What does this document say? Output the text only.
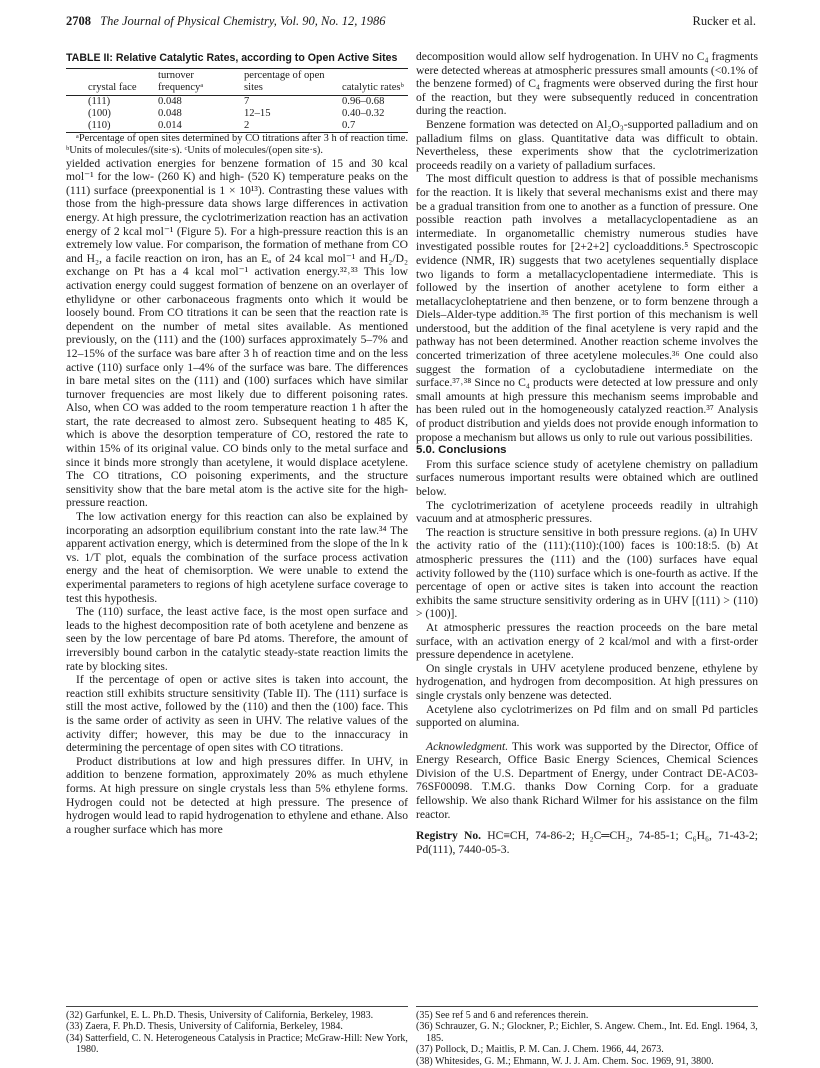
2708 The Journal of Physical Chemistry, Vol. 90, No. 12, 1986	Rucker et al.
TABLE II: Relative Catalytic Rates, according to Open Active Sites
crystal face	turnover frequencyᵃ	percentage of open sites	catalytic ratesᵇ
(111)	0.048	7	0.96–0.68
(100)	0.048	12–15	0.40–0.32
(110)	0.014	2	0.7

ᵃPercentage of open sites determined by CO titrations after 3 h of reaction time. ᵇUnits of molecules/(site·s). ᶜUnits of molecules/(open site·s).

yielded activation energies for benzene formation of 15 and 30 kcal mol⁻¹ for the low- (260 K) and high- (520 K) temperature peaks on the (111) surface (preexponential is 1 × 10¹³). Contrasting these values with those from the high-pressure data shows large differences in activation energy. At high pressure, the cyclotrimerization reaction has an activation energy of 2 kcal mol⁻¹ (Figure 5). For a high-pressure reaction this is an extremely low value. For comparison, the formation of methane from CO and H₂, a facile reaction on iron, has an Eₐ of 24 kcal mol⁻¹ and H₂/D₂ exchange on Pt has a 4 kcal mol⁻¹ activation energy.³²˒³³ This low activation energy could suggest formation of benzene on an overlayer of ethylidyne or other carbonaceous fragments onto which it would be loosely bound. From CO titrations it can be seen that the reaction rate is dependent on the number of metal sites available. As mentioned previously, on the (111) and the (100) surfaces approximately 5–7% and 12–15% of the surface was bare after 3 h of reaction time and on the less active (110) surface only 1–4% of the surface was bare. The differences in bare metal sites on the (111) and (100) surfaces which have similar turnover frequencies are most likely due to different poisoning rates. Also, when CO was added to the room temperature reaction 1 h after the start, the rate decreased to almost zero. Subsequent heating to 485 K, which is above the desorption temperature of CO, restored the rate to within 15% of its original value. CO binds only to the metal surface and since it binds more strongly than acetylene, it would displace acetylene. The CO titrations, CO poisoning experiments, and the structure sensitivity show that the bare metal atom is the active site for the high-pressure reaction.

The low activation energy for this reaction can also be explained by incorporating an adsorption equilibrium constant into the rate law.³⁴ The apparent activation energy, which is determined from the slope of the ln k vs. 1/T plot, equals the combination of the surface process activation energy and the heat of chemisorption. We were unable to extend the experimental parameters to regions of high acetylene surface coverage to test this hypothesis.

The (110) surface, the least active face, is the most open surface and leads to the highest decomposition rate of both acetylene and benzene as seen by the low percentage of bare Pd atoms. Therefore, the amount of irreversibly bound carbon in the catalytic steady-state reaction limits the rate by blocking sites.

If the percentage of open or active sites is taken into account, the reaction still exhibits structure sensitivity (Table II). The (111) surface is still the most active, followed by the (110) and then the (100) face. This is the same order of activity as seen in UHV. The relative values of the activity differ; however, this may be due to the innaccuracy in determining the percentage of open sites with CO titrations.

Product distributions at low and high pressures differ. In UHV, in addition to benzene formation, approximately 20% as much ethylene forms. At high pressure on single crystals less than 5% ethylene forms. Hydrogen could not be detected at high pressure. The presence of hydrogen would lead to rapid hydrogenation to ethylene and ethane. Also a rougher surface which has more

decomposition would allow self hydrogenation. In UHV no C₄ fragments were detected whereas at atmospheric pressures small amounts (<0.1% of the benzene formed) of C₄ fragments were observed during the first hour of the reaction, but they were subsequently reduced in concentration during the reaction.

Benzene formation was detected on Al₂O₃-supported palladium and on palladium films on glass. Quantitative data was difficult to obtain. Nevertheless, these experiments show that the cyclotrimerization proceeds readily on a variety of palladium surfaces.

The most difficult question to address is that of possible mechanisms for the reaction. It is likely that several mechanisms exist and there may be a gradual transition from one to another as a function of pressure. One possible reaction path involves a metallacyclopentadiene as an intermediate. In organometallic chemistry numerous studies have investigated possible routes for [2+2+2] cycloadditions.⁵ Spectroscopic evidence (NMR, IR) suggests that two acetylenes sequentially displace two ligands to form a metallacyclopentadiene intermediate. This is followed by the insertion of another acetylene to form either a metallacycloheptatriene and then benzene, or to form benzene through a Diels–Alder-type addition.³⁵ The first portion of this mechanism is well understood, but the addition of the final acetylene is very rapid and the pathway has not been determined. Another reaction scheme involves the concerted trimerization of three acetylene molecules.³⁶ One could also suggest the formation of a cyclobutadiene intermediate on the surface.³⁷˒³⁸ Since no C₄ products were detected at low pressure and only small amounts at high pressure this mechanism seems improbable and has been ruled out in the homogeneously catalyzed reaction.³⁷ Analysis of product distribution and yields does not provide enough information to propose a mechanism but allows us only to rule out various possibilities.

5.0. Conclusions

From this surface science study of acetylene chemistry on palladium surfaces numerous important results were obtained which are outlined below.

The cyclotrimerization of acetylene proceeds readily in ultrahigh vacuum and at atmospheric pressures.

The reaction is structure sensitive in both pressure regions. (a) In UHV the activity ratio of the (111):(110):(100) faces is 100:18:5. (b) At atmospheric pressures the (111) and the (100) surfaces have equal activity followed by the (110) surface which is one-fourth as active. If the percentage of open or active sites is taken into account the reaction exhibits the same structure sensitivity ordering as in UHV [(111) > (110) > (100)].

At atmospheric pressures the reaction proceeds on the bare metal surface, with an activation energy of 2 kcal/mol and with a first-order pressure dependence in acetylene.

On single crystals in UHV acetylene produced benzene, ethylene by hydrogenation, and hydrogen from decomposition. At high pressures on single crystals only benzene was detected.

Acetylene also cyclotrimerizes on Pd film and on small Pd particles supported on alumina.

Acknowledgment. This work was supported by the Director, Office of Energy Research, Office Basic Energy Sciences, Chemical Sciences Division of the U.S. Department of Energy, under Contract DE-AC03-76SF00098. T.M.G. thanks Dow Corning Corp. for a graduate fellowship. We also thank Richard Wilmer for his assistance on the film reactor.

Registry No. HC≡CH, 74-86-2; H₂C═CH₂, 74-85-1; C₆H₆, 71-43-2; Pd(111), 7440-05-3.

(32) Garfunkel, E. L. Ph.D. Thesis, University of California, Berkeley, 1983.
(33) Zaera, F. Ph.D. Thesis, University of California, Berkeley, 1984.
(34) Satterfield, C. N. Heterogeneous Catalysis in Practice; McGraw-Hill: New York, 1980.
(35) See ref 5 and 6 and references therein.
(36) Schrauzer, G. N.; Glockner, P.; Eichler, S. Angew. Chem., Int. Ed. Engl. 1964, 3, 185.
(37) Pollock, D.; Maitlis, P. M. Can. J. Chem. 1966, 44, 2673.
(38) Whitesides, G. M.; Ehmann, W. J. J. Am. Chem. Soc. 1969, 91, 3800.
